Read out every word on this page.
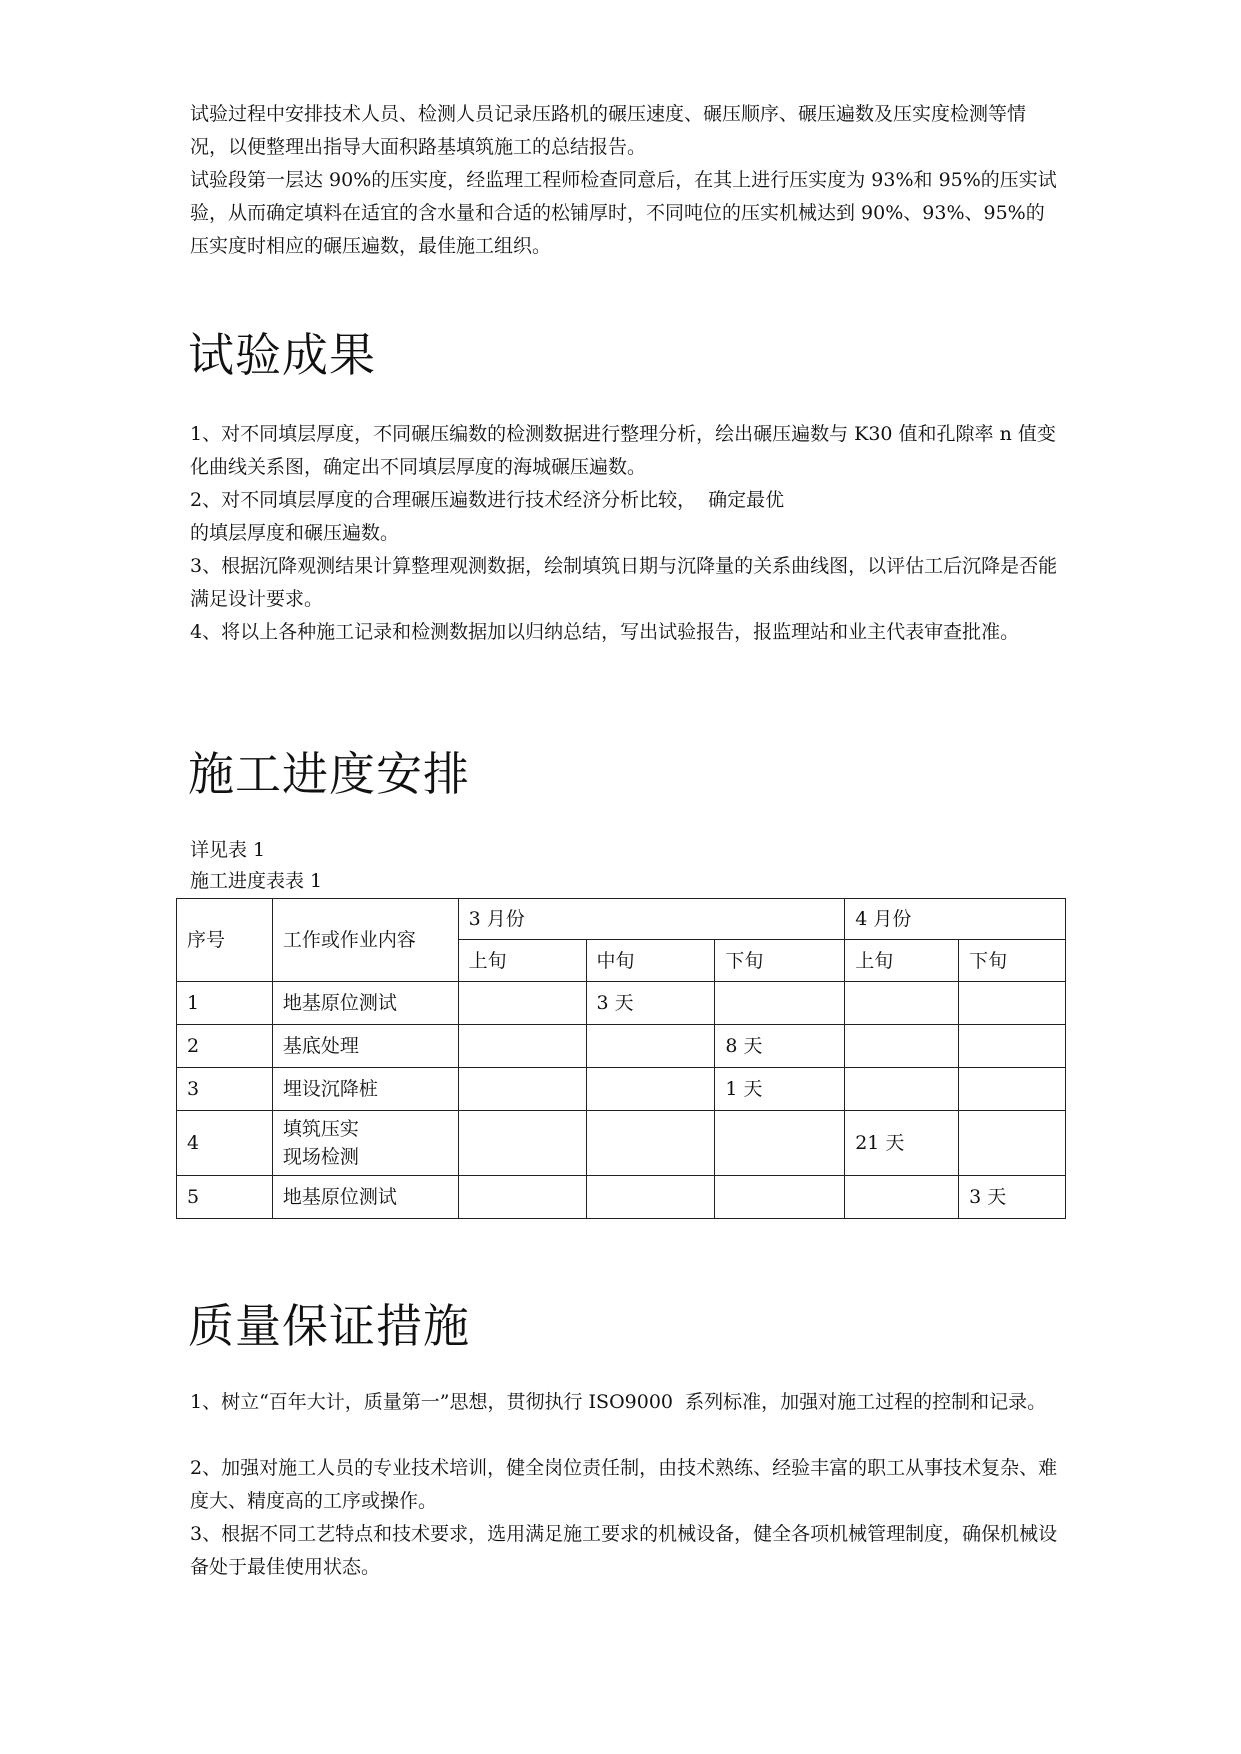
试验过程中安排技术人员、检测人员记录压路机的碾压速度、碾压顺序、碾压遍数及压实度检测等情况，以便整理出指导大面积路基填筑施工的总结报告。

试验段第一层达 90%的压实度，经监理工程师检查同意后，在其上进行压实度为 93%和 95%的压实试验，从而确定填料在适宜的含水量和合适的松铺厚时，不同吨位的压实机械达到 90%、93%、95%的压实度时相应的碾压遍数，最佳施工组织。

试验成果

1、对不同填层厚度，不同碾压编数的检测数据进行整理分析，绘出碾压遍数与 K30 值和孔隙率 n 值变化曲线关系图，确定出不同填层厚度的海城碾压遍数。

2、对不同填层厚度的合理碾压遍数进行技术经济分析比较，  确定最优

的填层厚度和碾压遍数。

3、根据沉降观测结果计算整理观测数据，绘制填筑日期与沉降量的关系曲线图，以评估工后沉降是否能满足设计要求。

4、将以上各种施工记录和检测数据加以归纳总结，写出试验报告，报监理站和业主代表审查批准。

施工进度安排

详见表 1

施工进度表表 1

序号	工作或作业内容	3 月份			4 月份	
		上旬	中旬	下旬	上旬	下旬
1	地基原位测试		3 天			
2	基底处理			8 天		
3	埋设沉降桩			1 天		
4	填筑压实
现场检测				21 天	
5	地基原位测试					3 天
质量保证措施

1、树立“百年大计，质量第一”思想，贯彻执行 ISO9000  系列标准，加强对施工过程的控制和记录。

2、加强对施工人员的专业技术培训，健全岗位责任制，由技术熟练、经验丰富的职工从事技术复杂、难度大、精度高的工序或操作。

3、根据不同工艺特点和技术要求，选用满足施工要求的机械设备，健全各项机械管理制度，确保机械设备处于最佳使用状态。
